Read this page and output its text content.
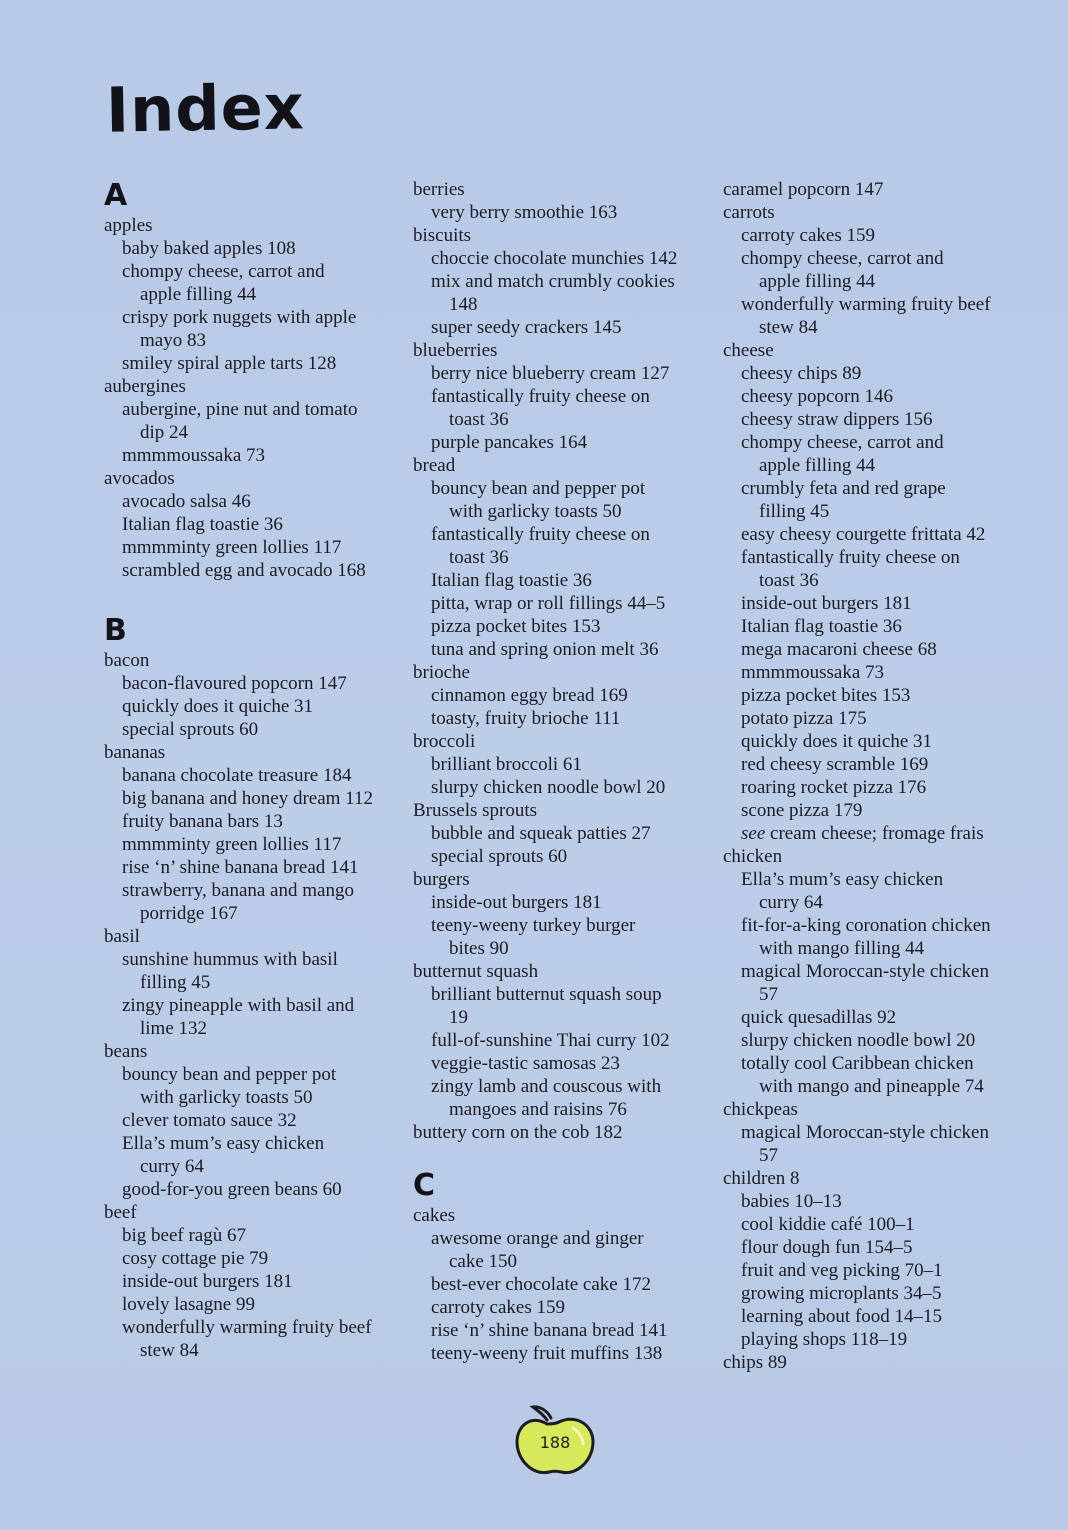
Index
A
apples
baby baked apples 108
chompy cheese, carrot and
apple filling 44
crispy pork nuggets with apple
mayo 83
smiley spiral apple tarts 128
aubergines
aubergine, pine nut and tomato
dip 24
mmmmoussaka 73
avocados
avocado salsa 46
Italian flag toastie 36
mmmminty green lollies 117
scrambled egg and avocado 168
B
bacon
bacon-flavoured popcorn 147
quickly does it quiche 31
special sprouts 60
bananas
banana chocolate treasure 184
big banana and honey dream 112
fruity banana bars 13
mmmminty green lollies 117
rise ‘n’ shine banana bread 141
strawberry, banana and mango
porridge 167
basil
sunshine hummus with basil
filling 45
zingy pineapple with basil and
lime 132
beans
bouncy bean and pepper pot
with garlicky toasts 50
clever tomato sauce 32
Ella’s mum’s easy chicken
curry 64
good-for-you green beans 60
beef
big beef ragù 67
cosy cottage pie 79
inside-out burgers 181
lovely lasagne 99
wonderfully warming fruity beef
stew 84
berries
very berry smoothie 163
biscuits
choccie chocolate munchies 142
mix and match crumbly cookies
148
super seedy crackers 145
blueberries
berry nice blueberry cream 127
fantastically fruity cheese on
toast 36
purple pancakes 164
bread
bouncy bean and pepper pot
with garlicky toasts 50
fantastically fruity cheese on
toast 36
Italian flag toastie 36
pitta, wrap or roll fillings 44–5
pizza pocket bites 153
tuna and spring onion melt 36
brioche
cinnamon eggy bread 169
toasty, fruity brioche 111
broccoli
brilliant broccoli 61
slurpy chicken noodle bowl 20
Brussels sprouts
bubble and squeak patties 27
special sprouts 60
burgers
inside-out burgers 181
teeny-weeny turkey burger
bites 90
butternut squash
brilliant butternut squash soup
19
full-of-sunshine Thai curry 102
veggie-tastic samosas 23
zingy lamb and couscous with
mangoes and raisins 76
buttery corn on the cob 182
C
cakes
awesome orange and ginger
cake 150
best-ever chocolate cake 172
carroty cakes 159
rise ‘n’ shine banana bread 141
teeny-weeny fruit muffins 138
caramel popcorn 147
carrots
carroty cakes 159
chompy cheese, carrot and
apple filling 44
wonderfully warming fruity beef
stew 84
cheese
cheesy chips 89
cheesy popcorn 146
cheesy straw dippers 156
chompy cheese, carrot and
apple filling 44
crumbly feta and red grape
filling 45
easy cheesy courgette frittata 42
fantastically fruity cheese on
toast 36
inside-out burgers 181
Italian flag toastie 36
mega macaroni cheese 68
mmmmoussaka 73
pizza pocket bites 153
potato pizza 175
quickly does it quiche 31
red cheesy scramble 169
roaring rocket pizza 176
scone pizza 179
see cream cheese; fromage frais
chicken
Ella’s mum’s easy chicken
curry 64
fit-for-a-king coronation chicken
with mango filling 44
magical Moroccan-style chicken
57
quick quesadillas 92
slurpy chicken noodle bowl 20
totally cool Caribbean chicken
with mango and pineapple 74
chickpeas
magical Moroccan-style chicken
57
children 8
babies 10–13
cool kiddie café 100–1
flour dough fun 154–5
fruit and veg picking 70–1
growing microplants 34–5
learning about food 14–15
playing shops 118–19
chips 89
188
